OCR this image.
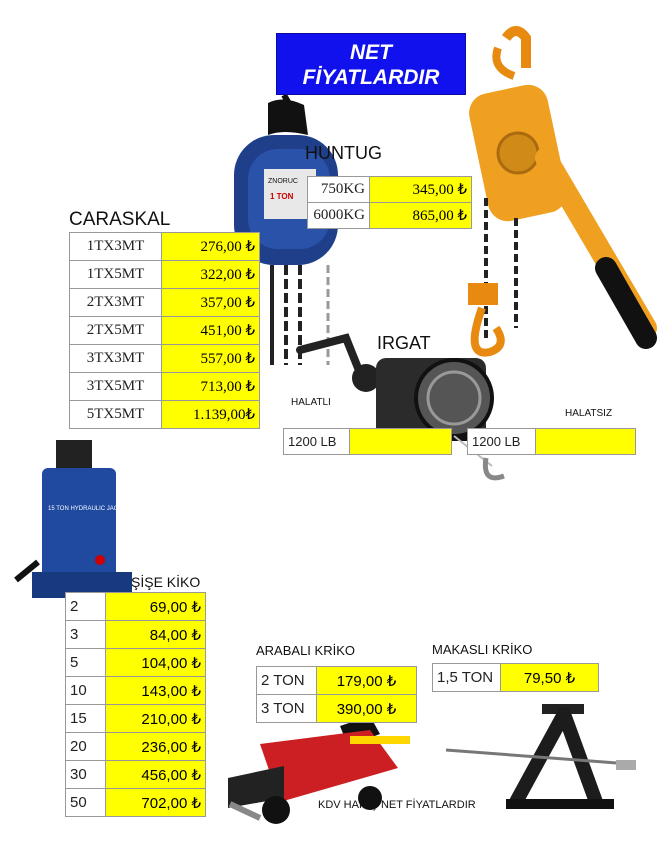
ZNORUC
1 TON
15 TON HYDRAULIC JACK
NET
FİYATLARDIR
HUNTUG
750KG	345,00 ₺
6000KG	865,00 ₺
CARASKAL
1TX3MT	276,00 ₺
1TX5MT	322,00 ₺
2TX3MT	357,00 ₺
2TX5MT	451,00 ₺
3TX3MT	557,00 ₺
3TX5MT	713,00 ₺
5TX5MT	1.139,00₺
IRGAT
HALATLI
HALATSIZ
1200 LB		1200 LB	
ŞİŞE KİKO
2	69,00 ₺
3	84,00 ₺
5	104,00 ₺
10	143,00 ₺
15	210,00 ₺
20	236,00 ₺
30	456,00 ₺
50	702,00 ₺
ARABALI KRİKO
2 TON	179,00 ₺
3 TON	390,00 ₺
MAKASLI KRİKO
1,5 TON	79,50 ₺
KDV HARİÇ NET FİYATLARDIR
